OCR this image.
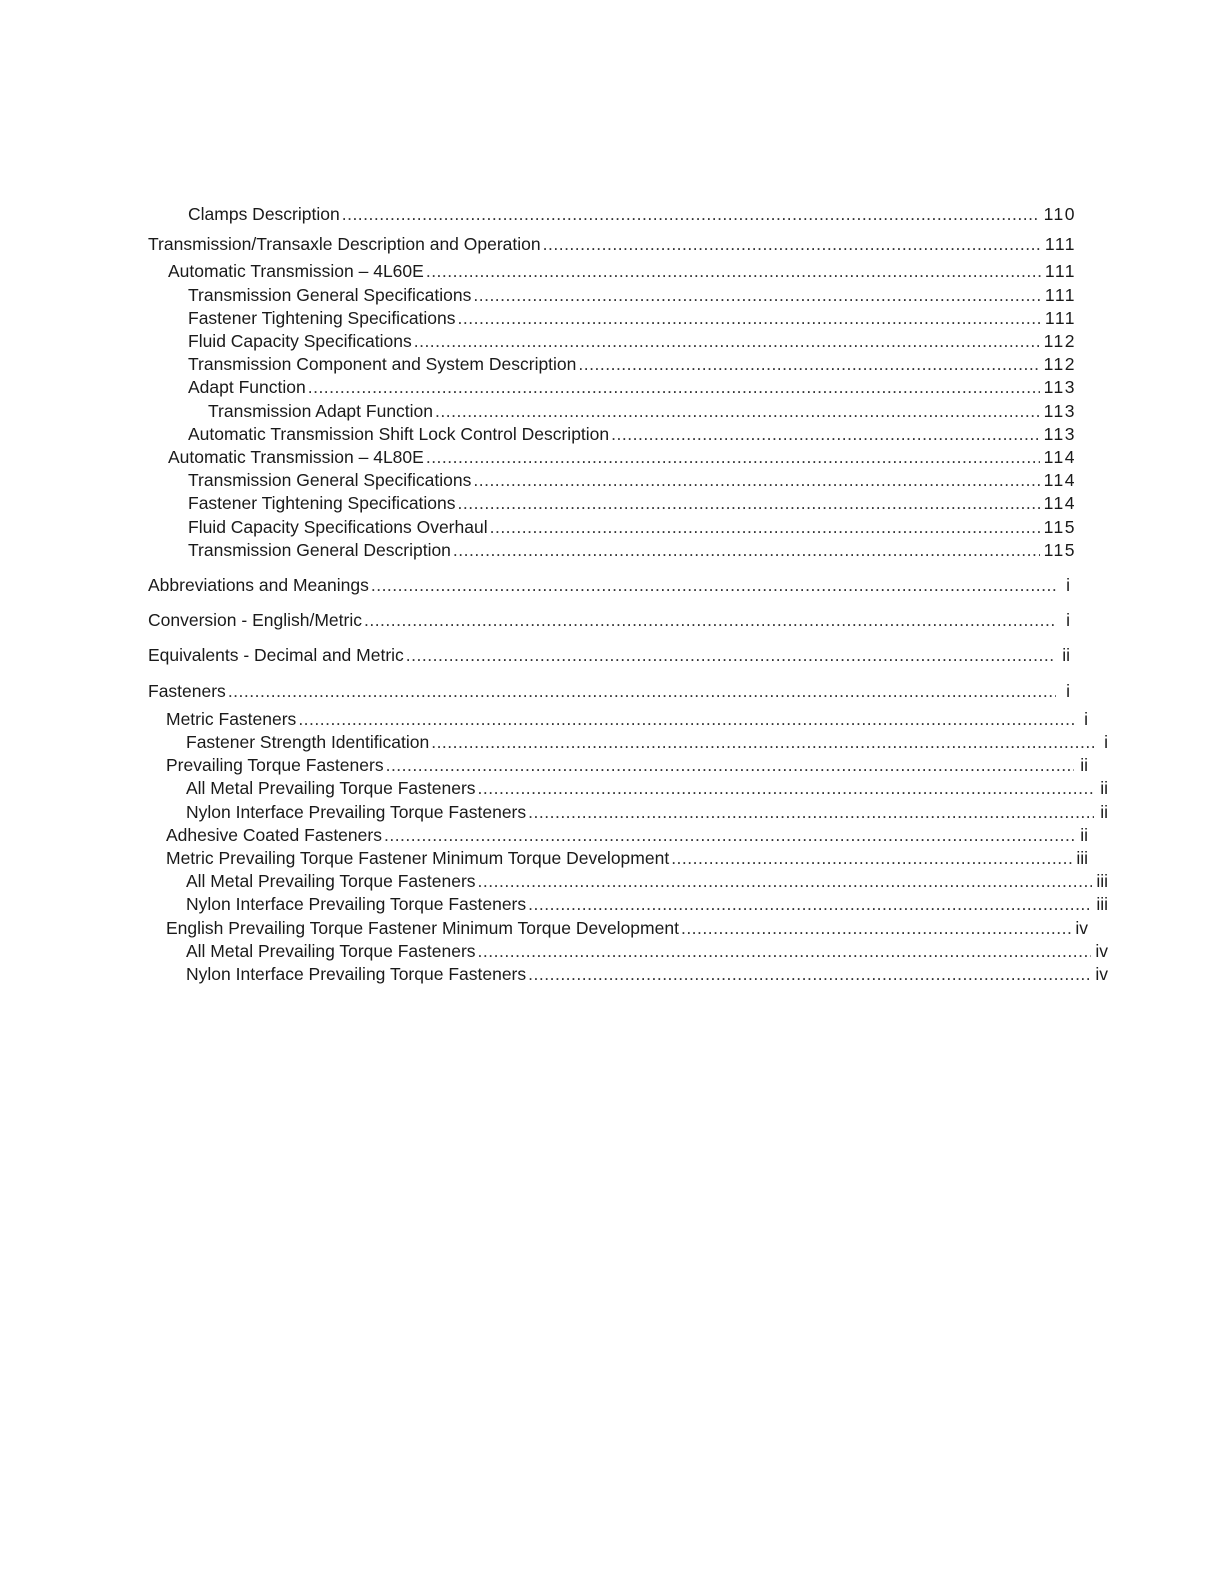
Clamps Description .....	110
Transmission/Transaxle Description and Operation .....	111
Automatic Transmission – 4L60E .....	111
Transmission General Specifications .....	111
Fastener Tightening Specifications .....	111
Fluid Capacity Specifications .....	112
Transmission Component and System Description .....	112
Adapt Function .....	113
Transmission Adapt Function .....	113
Automatic Transmission Shift Lock Control Description .....	113
Automatic Transmission – 4L80E .....	114
Transmission General Specifications .....	114
Fastener Tightening Specifications .....	114
Fluid Capacity Specifications Overhaul .....	115
Transmission General Description .....	115
Abbreviations and Meanings .....	i
Conversion - English/Metric .....	i
Equivalents - Decimal and Metric .....	ii
Fasteners .....	i
Metric Fasteners .....	i
Fastener Strength Identification .....	i
Prevailing Torque Fasteners .....	ii
All Metal Prevailing Torque Fasteners .....	ii
Nylon Interface Prevailing Torque Fasteners .....	ii
Adhesive Coated Fasteners .....	ii
Metric Prevailing Torque Fastener Minimum Torque Development .....	iii
All Metal Prevailing Torque Fasteners .....	iii
Nylon Interface Prevailing Torque Fasteners .....	iii
English Prevailing Torque Fastener Minimum Torque Development .....	iv
All Metal Prevailing Torque Fasteners .....	iv
Nylon Interface Prevailing Torque Fasteners .....	iv
